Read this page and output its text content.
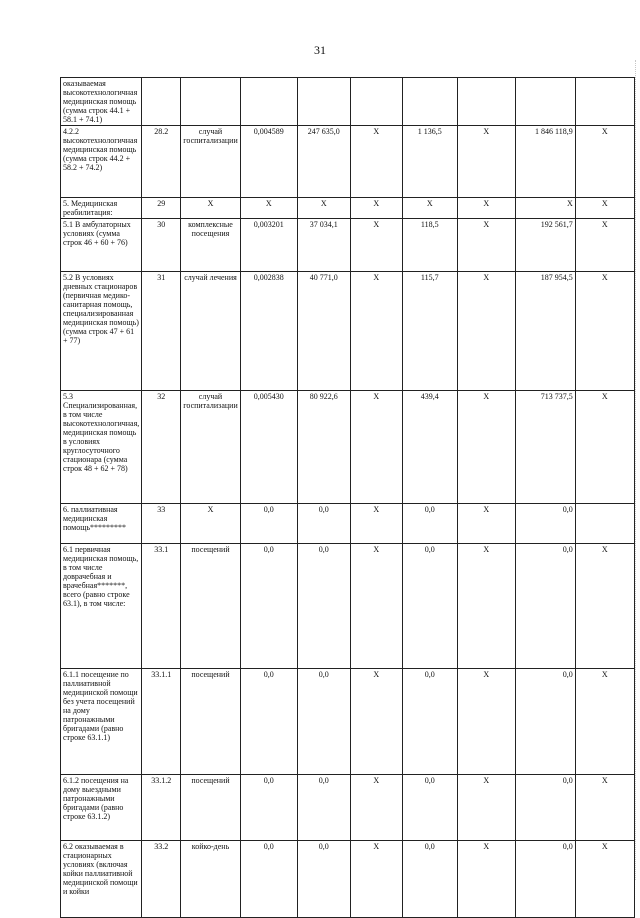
31
оказываемая высокотехнологичная медицинская помощь (сумма строк 44.1 + 58.1 + 74.1)									
4.2.2 высокотехнологичная медицинская помощь (сумма строк 44.2 + 58.2 + 74.2)	28.2	случай госпитализации	0,004589	247 635,0	X	1 136,5	X	1 846 118,9	X
5. Медицинская реабилитация:	29	X	X	X	X	X	X	X	X
5.1 В амбулаторных условиях (сумма строк 46 + 60 + 76)	30	комплексные посещения	0,003201	37 034,1	X	118,5	X	192 561,7	X
5.2 В условиях дневных стационаров (первичная медико-санитарная помощь, специализированная медицинская помощь) (сумма строк 47 + 61 + 77)	31	случай лечения	0,002838	40 771,0	X	115,7	X	187 954,5	X
5.3 Специализированная, в том числе высокотехнологичная, медицинская помощь в условиях круглосуточного стационара (сумма строк 48 + 62 + 78)	32	случай госпитализации	0,005430	80 922,6	X	439,4	X	713 737,5	X
6. паллиативная медицинская помощь*********	33	X	0,0	0,0	X	0,0	X	0,0	
6.1 первичная медицинская помощь, в том числе доврачебная и врачебная*******, всего (равно строке 63.1), в том числе:	33.1	посещений	0,0	0,0	X	0,0	X	0,0	X
6.1.1 посещение по паллиативной медицинской помощи без учета посещений на дому патронажными бригадами (равно строке 63.1.1)	33.1.1	посещений	0,0	0,0	X	0,0	X	0,0	X
6.1.2 посещения на дому выездными патронажными бригадами (равно строке 63.1.2)	33.1.2	посещений	0,0	0,0	X	0,0	X	0,0	X
6.2 оказываемая в стационарных условиях (включая койки паллиативной медицинской помощи и койки	33.2	койко-день	0,0	0,0	X	0,0	X	0,0	X
